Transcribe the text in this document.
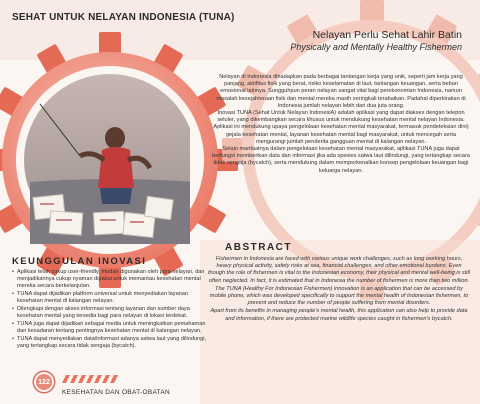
SEHAT UNTUK NELAYAN INDONESIA (TUNA)
Nelayan Perlu Sehat Lahir Batin
Physically and Mentally Healthy Fishermen

Nelayan di Indonesia dihadapkan pada berbagai tantangan kerja yang unik, seperti jam kerja yang panjang, aktifitas fisik yang berat, risiko keselamatan di laut, tantangan keuangan, serta beban emosional lainnya. Sungguhpun peran nelayan sangat vital bagi perekonomian Indonesia, namun masalah kesejahteraan fisik dan mental mereka masih seringkali terabaikan. Padahal diperkirakan di Indonesia jumlah nelayan lebih dari dua juta orang.

Inovasi TUNA (Sehat Untuk Nelayan IndonesiA) adalah aplikasi yang dapat diakses dengan telepon seluler, yang dikembangkan secara khusus untuk mendukung kesehatan mental nelayan Indonesia. Aplikasi ini mendukung upaya pengelolaan kesehatan mental masyarakat, termasuk pendeteksian dini) gejala kesehatan mental, layanan kesehatan mental bagi masyarakat, untuk mencegah serta mengurangi jumlah penderita gangguan mental di kalangan nelayan.

Selain manfaatnya dalam pengelolaan kesehatan mental masyarakat, aplikasi TUNA juga dapat berfungsi memberikan data dan informasi jika ada spesies satwa laut dilindungi, yang tertangkap secara tidak sengaja (bycatch), serta mendukung dalam memperkenalkan konsep pengelolaan keuangan bagi keluarga nelayan.

ABSTRACT

Fishermen in Indonesia are faced with various unique work challenges, such as long working hours, heavy physical activity, safety risks at sea, financial challenges, and other emotional burdens. Even though the role of fishermen is vital to the Indonesian economy, their physical and mental well-being is still often neglected. In fact, it is estimated that in Indonesia the number of fishermen is more than two million.

The TUNA (Healthy For Indonesian Fishermen) innovation is an application that can be accessed by mobile phone, which was developed specifically to support the mental health of Indonesian fishermen, to prevent and reduce the number of people suffering from mental disorders.

Apart from its benefits in managing people's mental health, this application can also help to provide data and information, if there are protected marine wildlife species caught in fishermen's bycatch.

KEUNGGULAN INOVASI
• Aplikasi telah cukup user-friendly, mudah digunakan oleh para nelayan, dan menjadikannya cukup nyaman dipakai untuk memantau kesehatan mental mereka secara berkelanjutan.
• TUNA dapat dijadikan platform universal untuk menyediakan layanan kesehatan mental di kalangan nelayan.
• Dilengkapi dengan akses informasi tentang layanan dan sumber daya kesehatan mental yang tersedia bagi para nelayan di lokasi terdekat.
• TUNA juga dapat dijadikan sebagai media untuk meningkatkan pemahaman dan kesadaran tentang pentingnya kesehatan mental di kalangan nelayan.
• TUNA dapat menyediakan data/informasi adanya satwa laut yang dilindungi, yang tertangkap secara tidak sengaja (bycatch).
122
KESEHATAN DAN OBAT-OBATAN
